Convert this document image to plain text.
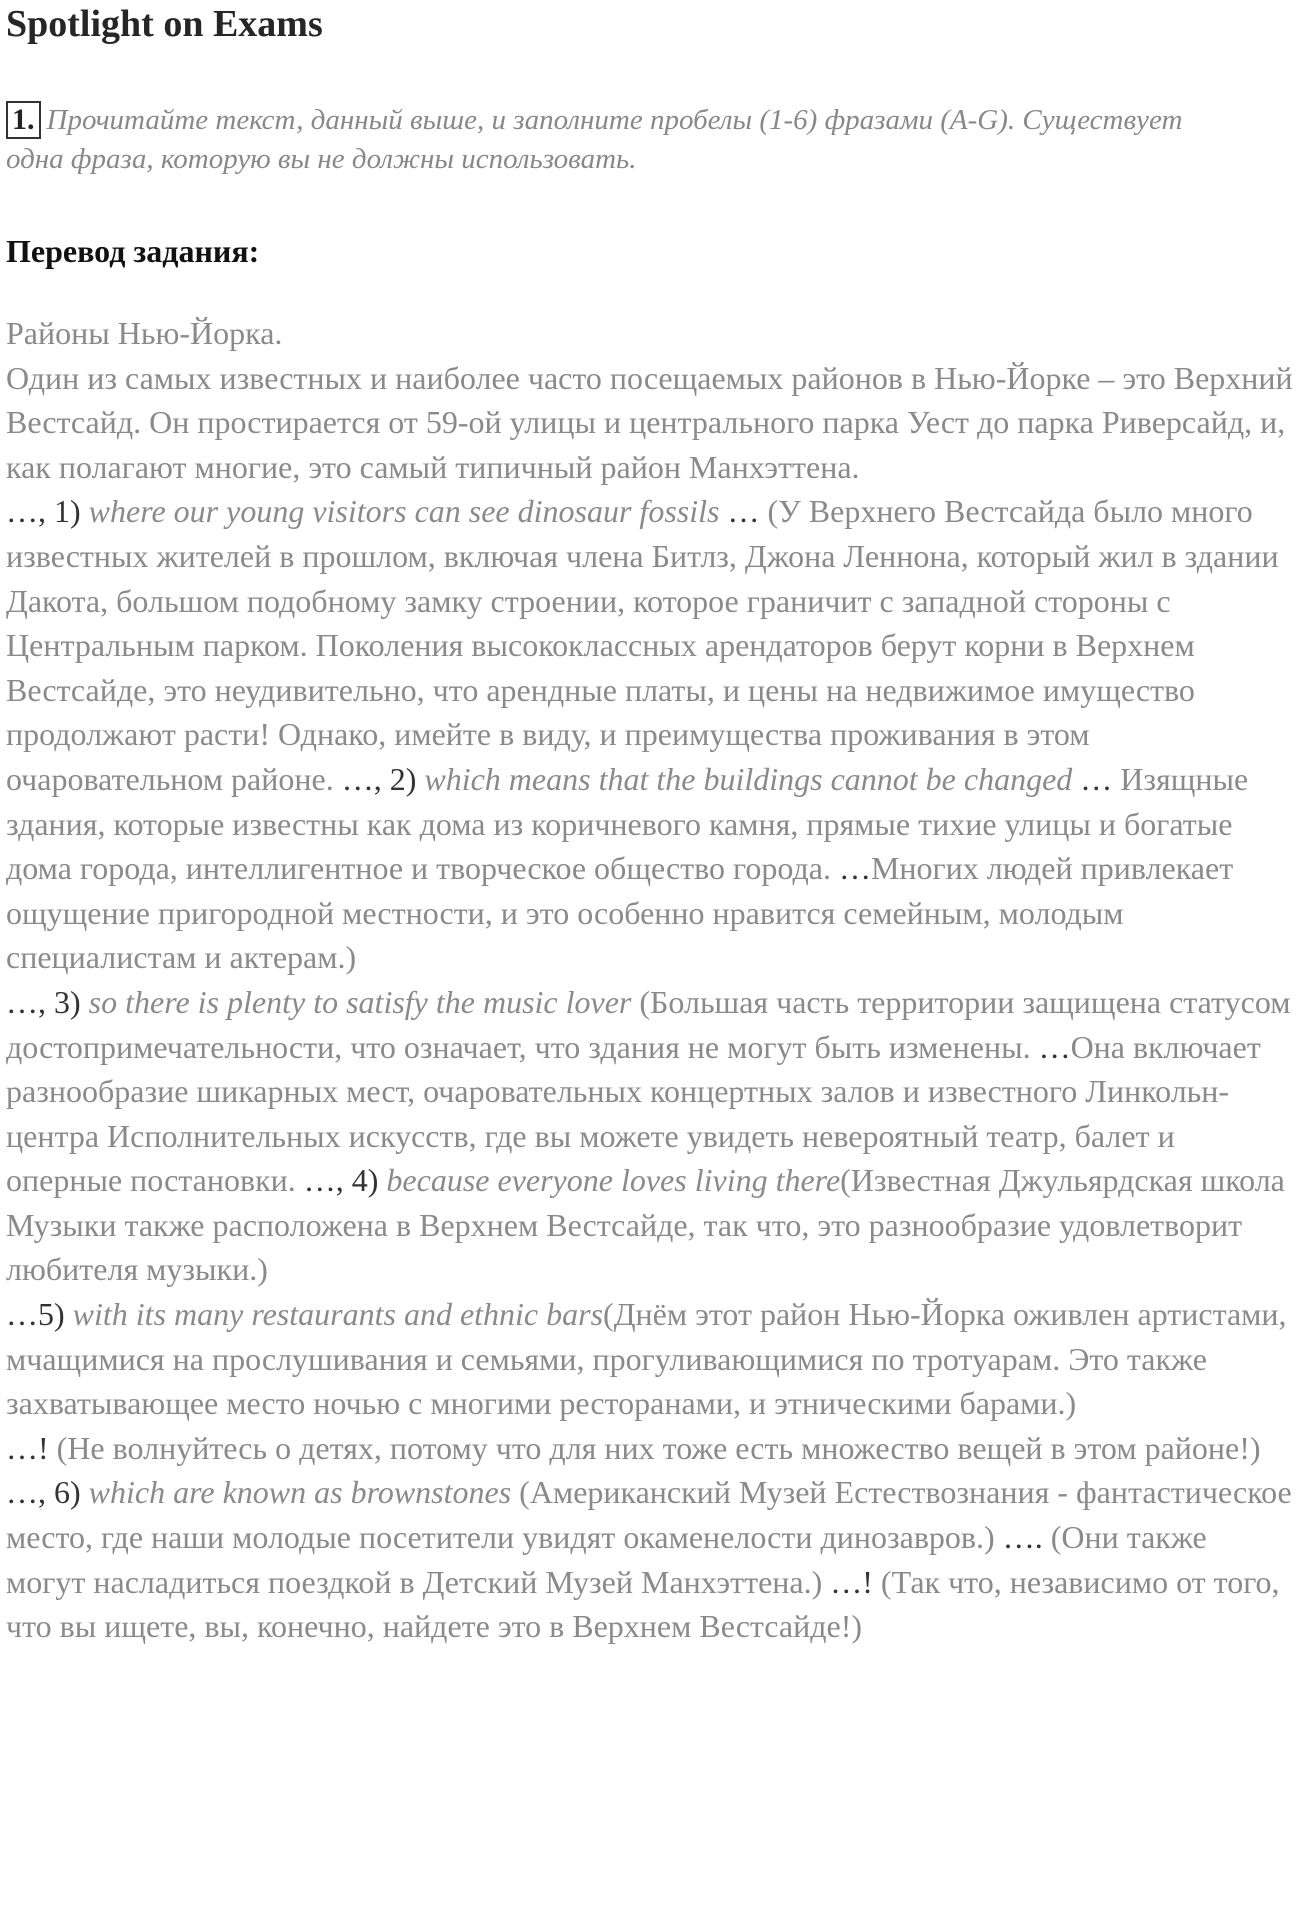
Spotlight on Exams
1. Прочитайте текст, данный выше, и заполните пробелы (1-6) фразами (A-G). Существует одна фраза, которую вы не должны использовать.
Перевод задания:

Районы Нью-Йорка.

Один из самых известных и наиболее часто посещаемых районов в Нью-Йорке – это Верхний Вестсайд. Он простирается от 59-ой улицы и центрального парка Уест до парка Риверсайд, и, как полагают многие, это самый типичный район Манхэттена.

…, 1) where our young visitors can see dinosaur fossils … (У Верхнего Вестсайда было много известных жителей в прошлом, включая члена Битлз, Джона Леннона, который жил в здании Дакота, большом подобному замку строении, которое граничит с западной стороны с Центральным парком. Поколения высококлассных арендаторов берут корни в Верхнем Вестсайде, это неудивительно, что арендные платы, и цены на недвижимое имущество продолжают расти! Однако, имейте в виду, и преимущества проживания в этом очаровательном районе. …, 2) which means that the buildings cannot be changed … Изящные здания, которые известны как дома из коричневого камня, прямые тихие улицы и богатые дома города, интеллигентное и творческое общество города. …Многих людей привлекает ощущение пригородной местности, и это особенно нравится семейным, молодым специалистам и актерам.)

…, 3) so there is plenty to satisfy the music lover (Большая часть территории защищена статусом достопримечательности, что означает, что здания не могут быть изменены. …Она включает разнообразие шикарных мест, очаровательных концертных залов и известного Линкольн-центра Исполнительных искусств, где вы можете увидеть невероятный театр, балет и оперные постановки. …, 4) because everyone loves living there(Известная Джульярдская школа Музыки также расположена в Верхнем Вестсайде, так что, это разнообразие удовлетворит любителя музыки.)

…5) with its many restaurants and ethnic bars(Днём этот район Нью-Йорка оживлен артистами, мчащимися на прослушивания и семьями, прогуливающимися по тротуарам. Это также захватывающее место ночью с многими ресторанами, и этническими барами.)

…! (Не волнуйтесь о детях, потому что для них тоже есть множество вещей в этом районе!) …, 6) which are known as brownstones (Американский Музей Естествознания - фантастическое место, где наши молодые посетители увидят окаменелости динозавров.) …. (Они также могут насладиться поездкой в Детский Музей Манхэттена.) …! (Так что, независимо от того, что вы ищете, вы, конечно, найдете это в Верхнем Вестсайде!)
